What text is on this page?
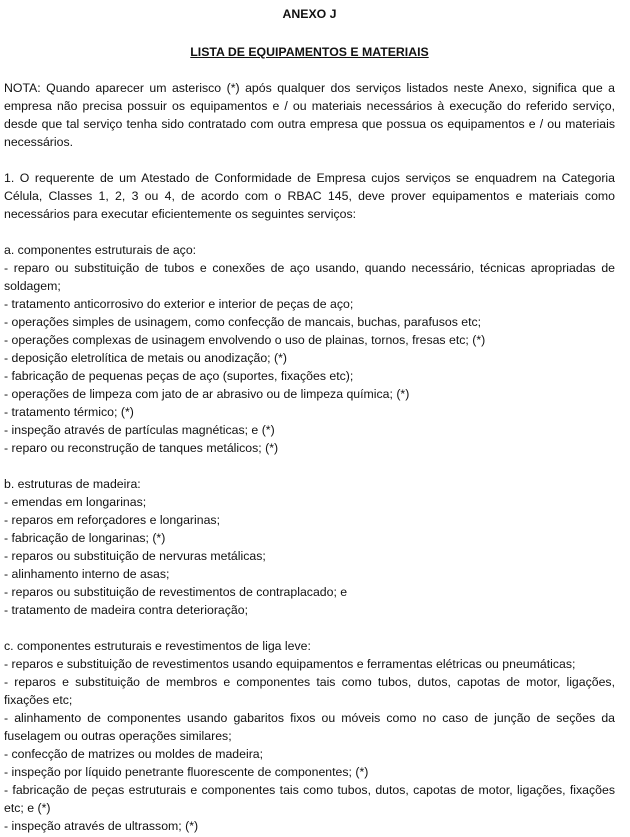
ANEXO J
LISTA DE EQUIPAMENTOS E MATERIAIS

NOTA: Quando aparecer um asterisco (*) após qualquer dos serviços listados neste Anexo, significa que a empresa não precisa possuir os equipamentos e / ou materiais necessários à execução do referido serviço, desde que tal serviço tenha sido contratado com outra empresa que possua os equipamentos e / ou materiais necessários.

1. O requerente de um Atestado de Conformidade de Empresa cujos serviços se enquadrem na Categoria Célula, Classes 1, 2, 3 ou 4, de acordo com o RBAC 145, deve prover equipamentos e materiais como necessários para executar eficientemente os seguintes serviços:

a. componentes estruturais de aço:

- reparo ou substituição de tubos e conexões de aço usando, quando necessário, técnicas apropriadas de soldagem;

- tratamento anticorrosivo do exterior e interior de peças de aço;

- operações simples de usinagem, como confecção de mancais, buchas, parafusos etc;

- operações complexas de usinagem envolvendo o uso de plainas, tornos, fresas etc; (*)

- deposição eletrolítica de metais ou anodização; (*)

- fabricação de pequenas peças de aço (suportes, fixações etc);

- operações de limpeza com jato de ar abrasivo ou de limpeza química; (*)

- tratamento térmico; (*)

- inspeção através de partículas magnéticas; e (*)

- reparo ou reconstrução de tanques metálicos; (*)

b. estruturas de madeira:

- emendas em longarinas;

- reparos em reforçadores e longarinas;

- fabricação de longarinas; (*)

- reparos ou substituição de nervuras metálicas;

- alinhamento interno de asas;

- reparos ou substituição de revestimentos de contraplacado; e

- tratamento de madeira contra deterioração;

c. componentes estruturais e revestimentos de liga leve:

- reparos e substituição de revestimentos usando equipamentos e ferramentas elétricas ou pneumáticas;

- reparos e substituição de membros e componentes tais como tubos, dutos, capotas de motor, ligações, fixações etc;

- alinhamento de componentes usando gabaritos fixos ou móveis como no caso de junção de seções da fuselagem ou outras operações similares;

- confecção de matrizes ou moldes de madeira;

- inspeção por líquido penetrante fluorescente de componentes; (*)

- fabricação de peças estruturais e componentes tais como tubos, dutos, capotas de motor, ligações, fixações etc; e (*)

- inspeção através de ultrassom; (*)
